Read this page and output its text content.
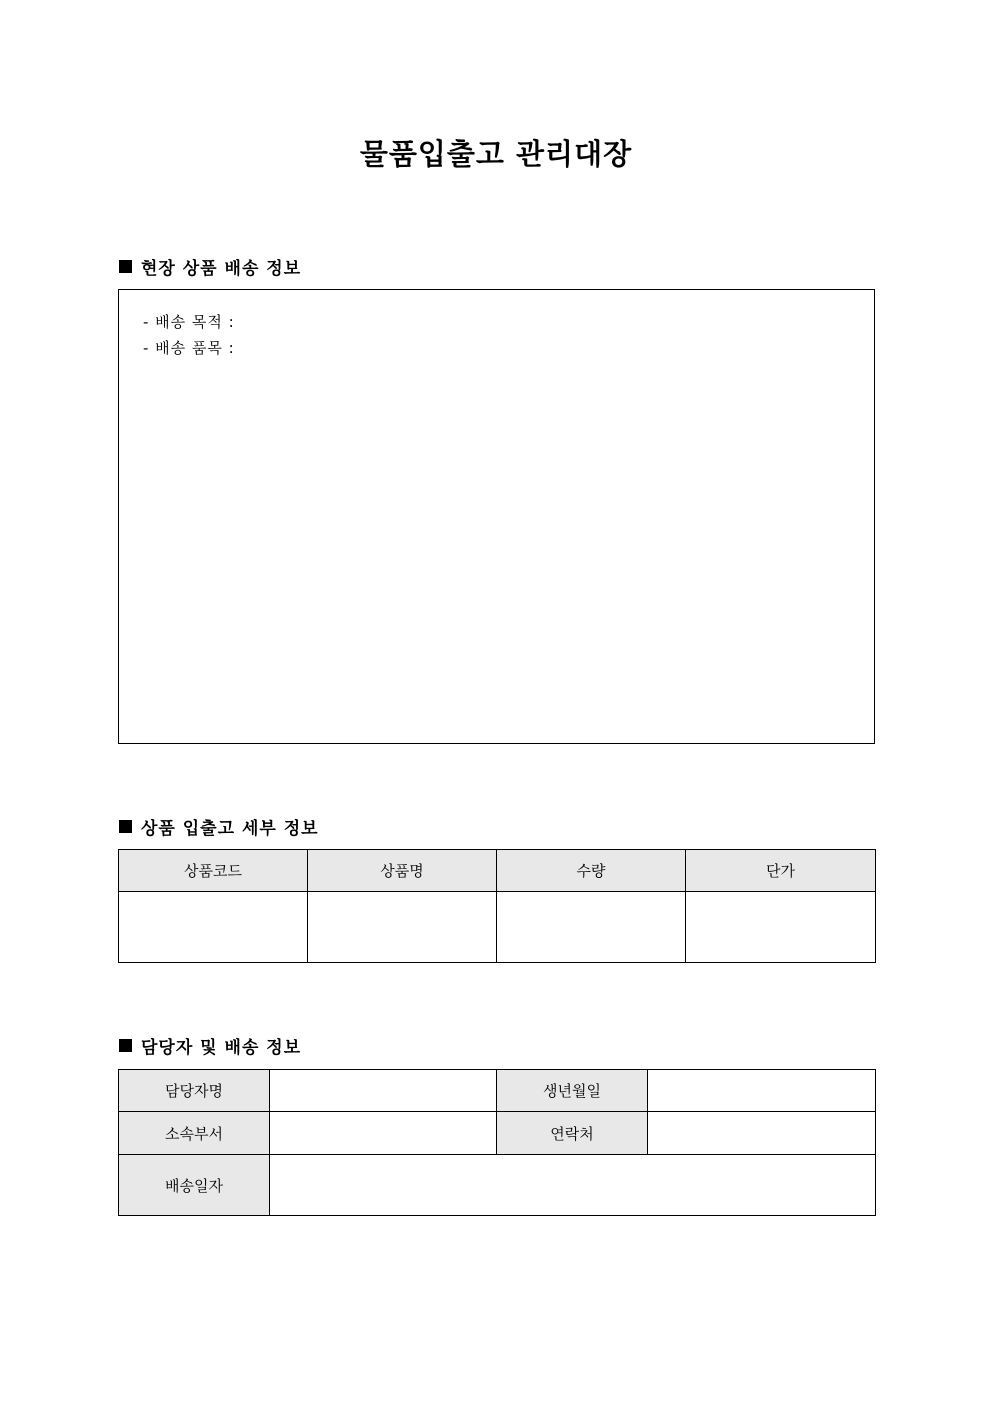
물품입출고 관리대장
현장 상품 배송 정보
- 배송 목적 :
- 배송 품목 :
상품 입출고 세부 정보
상품코드	상품명	수량	단가

담당자 및 배송 정보
담당자명		생년월일	
소속부서		연락처	
배송일자			
